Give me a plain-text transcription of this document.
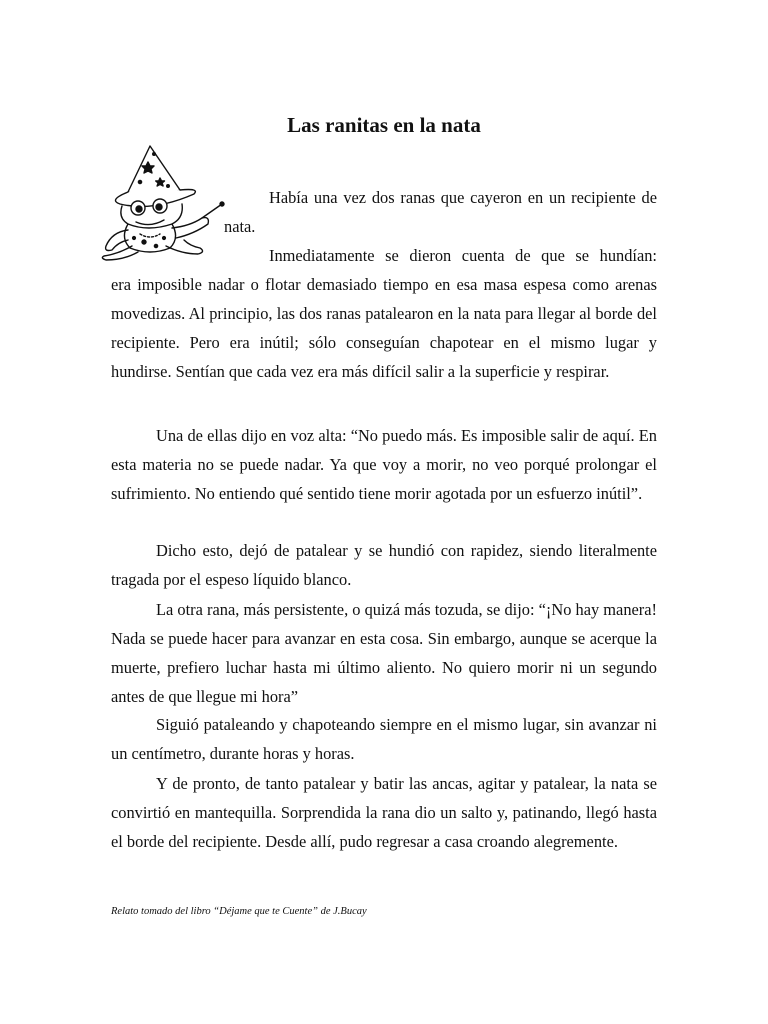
Las ranitas en la nata

Había una vez dos ranas que cayeron en un recipiente de nata.

Inmediatamente se dieron cuenta de que se hundían:

era imposible nadar o flotar demasiado tiempo en esa masa espesa como arenas movedizas. Al principio, las dos ranas patalearon en la nata para llegar al borde del recipiente. Pero era inútil; sólo conseguían chapotear en el mismo lugar y hundirse. Sentían que cada vez era más difícil salir a la superficie y respirar.

Una de ellas dijo en voz alta: “No puedo más. Es imposible salir de aquí. En esta materia no se puede nadar. Ya que voy a morir, no veo porqué prolongar el sufrimiento. No entiendo qué sentido tiene morir agotada por un esfuerzo inútil”.

Dicho esto, dejó de patalear y se hundió con rapidez, siendo literalmente tragada por el espeso líquido blanco.

La otra rana, más persistente, o quizá más tozuda, se dijo: “¡No hay manera! Nada se puede hacer para avanzar en esta cosa. Sin embargo, aunque se acerque la muerte, prefiero luchar hasta mi último aliento. No quiero morir ni un segundo antes de que llegue mi hora”

Siguió pataleando y chapoteando siempre en el mismo lugar, sin avanzar ni un centímetro, durante horas y horas.

Y de pronto, de tanto patalear y batir las ancas, agitar y patalear, la nata se convirtió en mantequilla. Sorprendida la rana dio un salto y, patinando, llegó hasta el borde del recipiente. Desde allí, pudo regresar a casa croando alegremente.

Relato tomado del libro “Déjame que te Cuente” de J.Bucay
